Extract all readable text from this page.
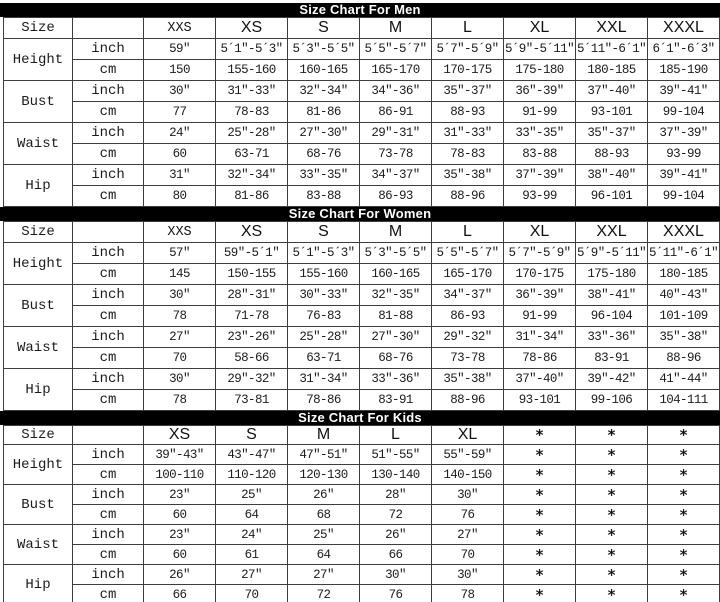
Size Chart For Men
Size		XXS	XS	S	M	L	XL	XXL	XXXL
Height	inch	59″	5´1"-5´3"	5´3"-5´5"	5´5"-5´7"	5´7"-5´9"	5´9"-5´11"	5´11"-6´1"	6´1"-6´3"
	cm	150	155-160	160-165	165-170	170-175	175-180	180-185	185-190
Bust	inch	30″	31"-33"	32"-34"	34"-36"	35"-37"	36"-39"	37"-40"	39"-41"
	cm	77	78-83	81-86	86-91	88-93	91-99	93-101	99-104
Waist	inch	24″	25"-28"	27"-30"	29"-31"	31"-33"	33"-35"	35"-37"	37"-39"
	cm	60	63-71	68-76	73-78	78-83	83-88	88-93	93-99
Hip	inch	31″	32"-34"	33"-35"	34"-37"	35"-38"	37"-39"	38"-40"	39"-41"
	cm	80	81-86	83-88	86-93	88-96	93-99	96-101	99-104
Size Chart For Women
Size		XXS	XS	S	M	L	XL	XXL	XXXL
Height	inch	57″	59"-5´1"	5´1"-5´3"	5´3"-5´5"	5´5"-5´7"	5´7"-5´9"	5´9"-5´11"	5´11"-6´1"
	cm	145	150-155	155-160	160-165	165-170	170-175	175-180	180-185
Bust	inch	30″	28"-31"	30"-33"	32"-35"	34"-37"	36"-39"	38"-41"	40"-43"
	cm	78	71-78	76-83	81-88	86-93	91-99	96-104	101-109
Waist	inch	27″	23"-26"	25"-28"	27"-30"	29"-32"	31"-34"	33"-36"	35"-38"
	cm	70	58-66	63-71	68-76	73-78	78-86	83-91	88-96
Hip	inch	30″	29"-32"	31"-34"	33"-36"	35"-38"	37"-40"	39"-42"	41"-44"
	cm	78	73-81	78-86	83-91	88-96	93-101	99-106	104-111
Size Chart For Kids
Size		XS	S	M	L	XL	*	*	*
Height	inch	39″-43″	43"-47"	47"-51"	51"-55"	55"-59"	*	*	*
	cm	100-110	110-120	120-130	130-140	140-150	*	*	*
Bust	inch	23"	25"	26"	28"	30"	*	*	*
	cm	60	64	68	72	76	*	*	*
Waist	inch	23"	24"	25"	26"	27"	*	*	*
	cm	60	61	64	66	70	*	*	*
Hip	inch	26"	27"	27"	30"	30"	*	*	*
	cm	66	70	72	76	78	*	*	*
